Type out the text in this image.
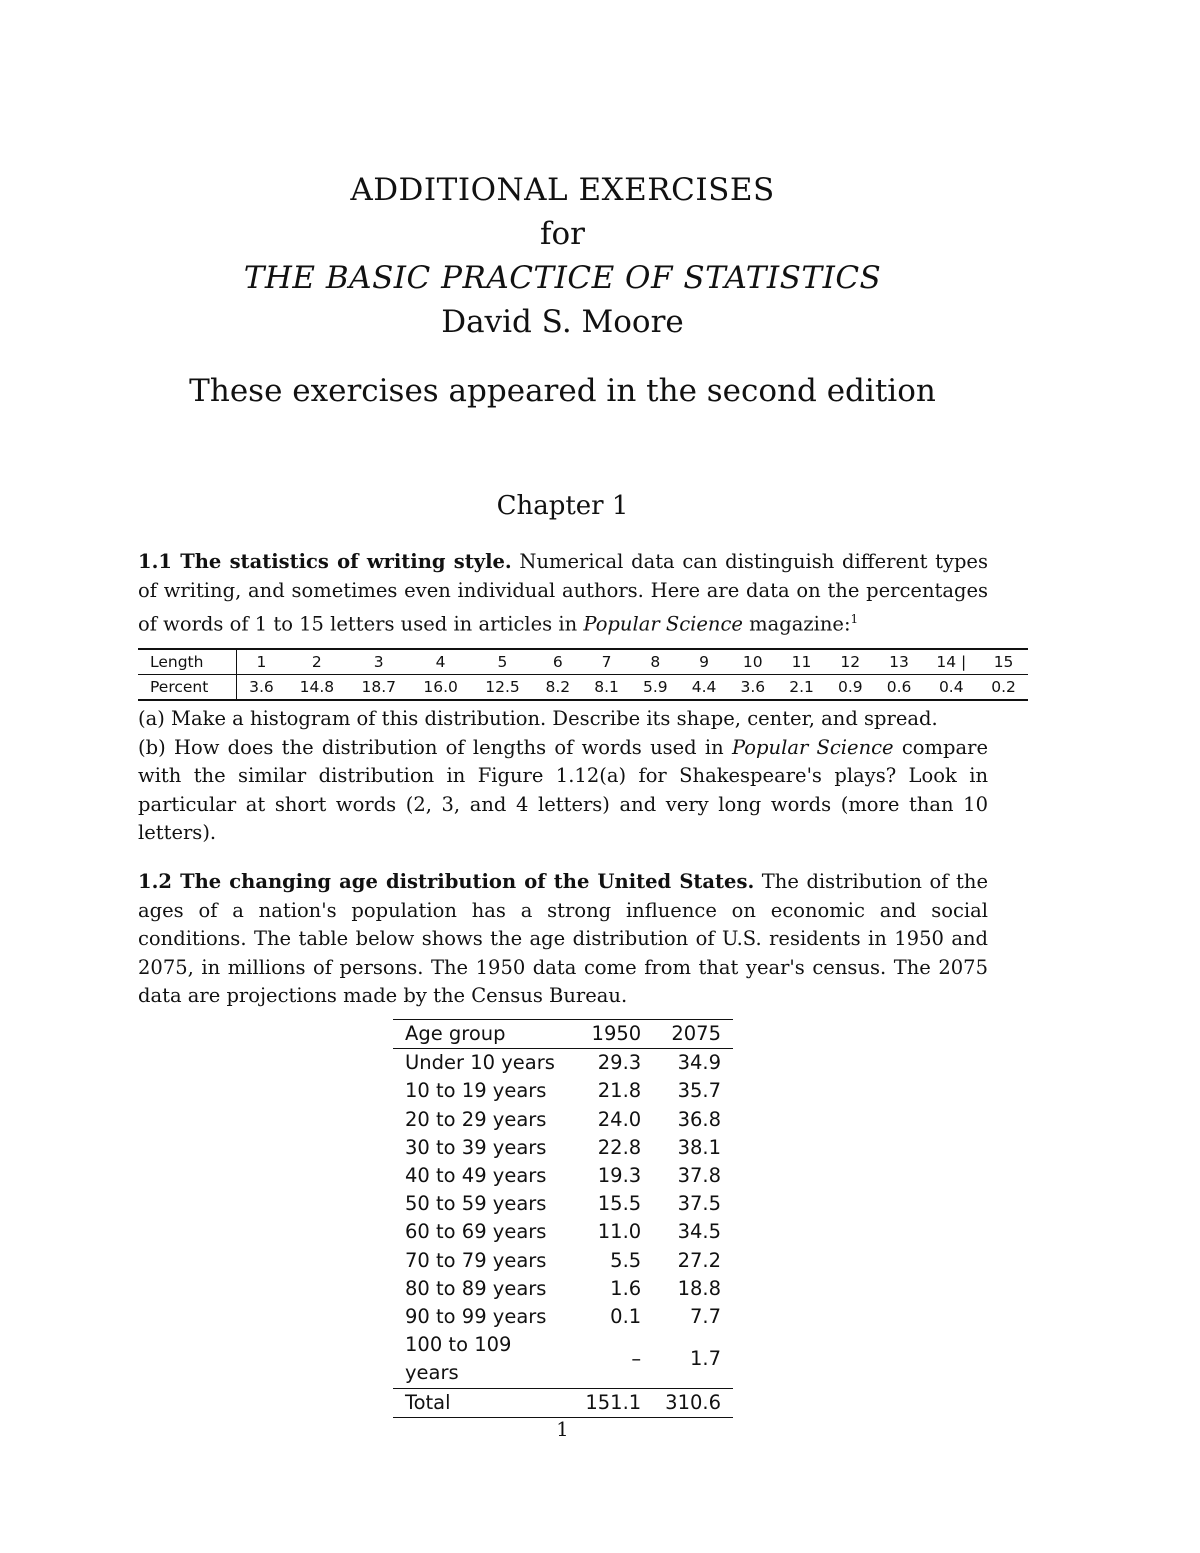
ADDITIONAL EXERCISES
for
THE BASIC PRACTICE OF STATISTICS
David S. Moore
These exercises appeared in the second edition
Chapter 1
1.1 The statistics of writing style. Numerical data can distinguish different types of writing, and sometimes even individual authors. Here are data on the percentages of words of 1 to 15 letters used in articles in Popular Science magazine:$^1$
Length	1	2	3	4	5	6	7	8	9	10	11	12	13	14 |	15
Percent	3.6	14.8	18.7	16.0	12.5	8.2	8.1	5.9	4.4	3.6	2.1	0.9	0.6	0.4	0.2
(a) Make a histogram of this distribution. Describe its shape, center, and spread.
(b) How does the distribution of lengths of words used in Popular Science compare with the similar distribution in Figure 1.12(a) for Shakespeare's plays? Look in particular at short words (2, 3, and 4 letters) and very long words (more than 10 letters).
1.2 The changing age distribution of the United States. The distribution of the ages of a nation's population has a strong influence on economic and social conditions. The table below shows the age distribution of U.S. residents in 1950 and 2075, in millions of persons. The 1950 data come from that year's census. The 2075 data are projections made by the Census Bureau.
Age group	1950	2075
Under 10 years	29.3	34.9
10 to 19 years	21.8	35.7
20 to 29 years	24.0	36.8
30 to 39 years	22.8	38.1
40 to 49 years	19.3	37.8
50 to 59 years	15.5	37.5
60 to 69 years	11.0	34.5
70 to 79 years	5.5	27.2
80 to 89 years	1.6	18.8
90 to 99 years	0.1	7.7
100 to 109 years	–	1.7
Total	151.1	310.6
1
